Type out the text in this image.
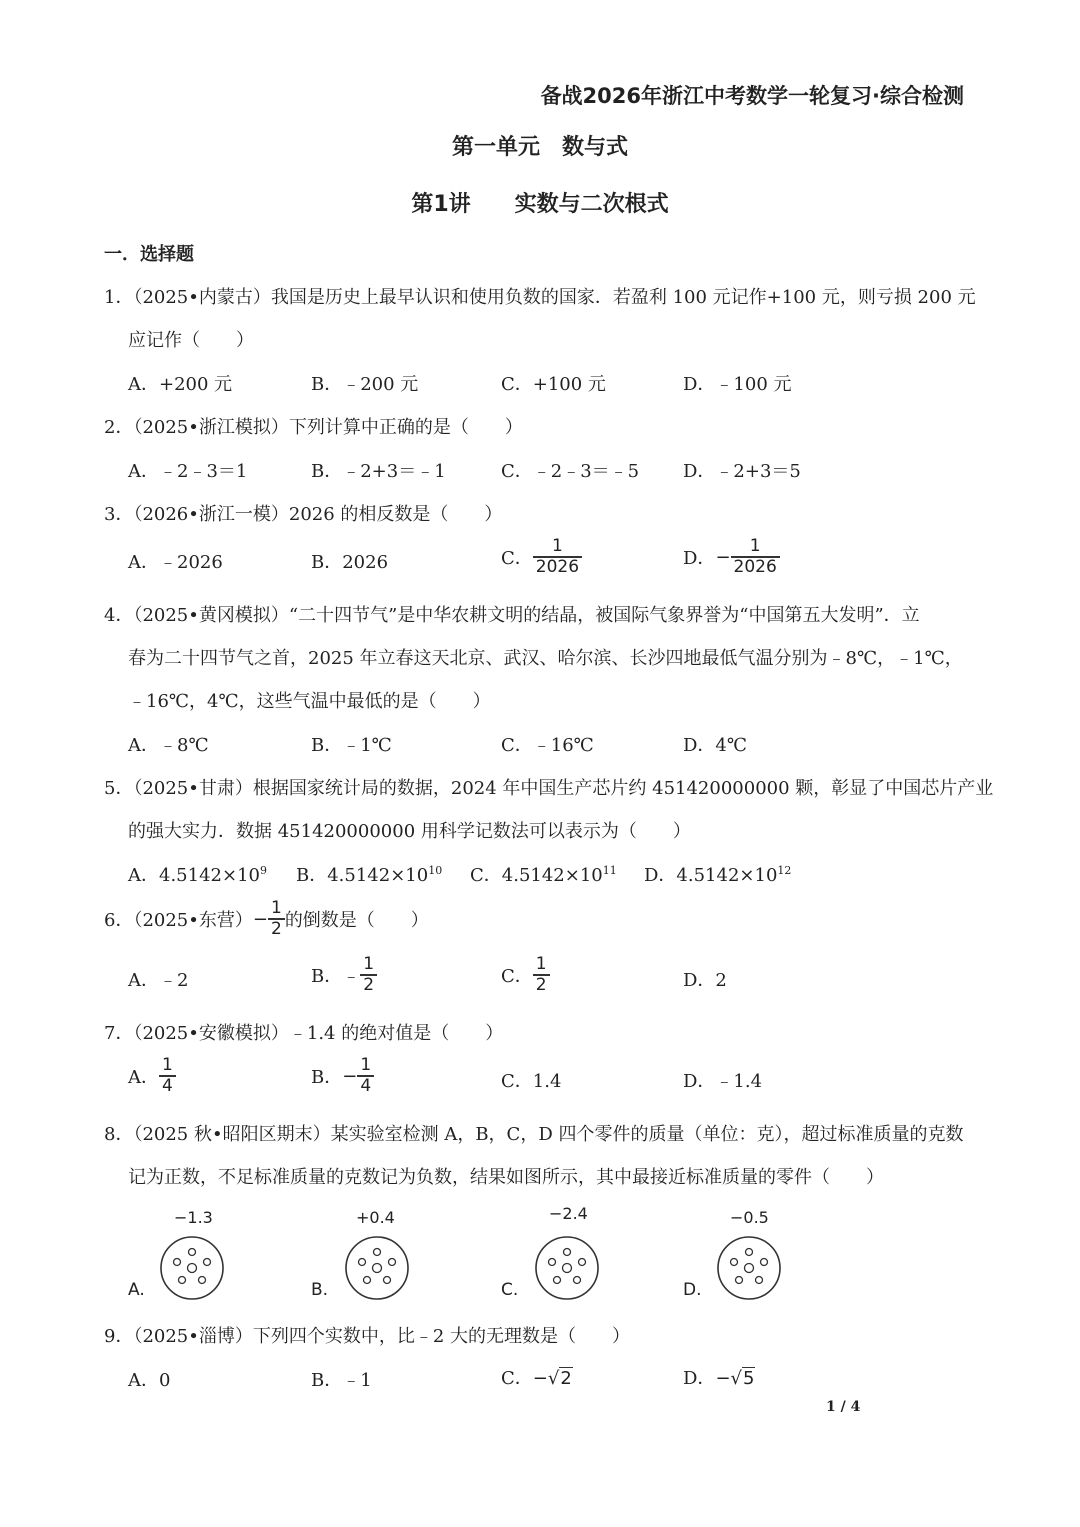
备战2026年浙江中考数学一轮复习·综合检测
第一单元　数与式
第1讲　　实数与二次根式
一．选择题
1．（2025•内蒙古）我国是历史上最早认识和使用负数的国家．若盈利 100 元记作+100 元，则亏损 200 元
应记作（　　）
A．+200 元	B．﹣200 元	C．+100 元	D．﹣100 元
2．（2025•浙江模拟）下列计算中正确的是（　　）
A．﹣2﹣3＝1	B．﹣2+3＝﹣1	C．﹣2﹣3＝﹣5 D．﹣2+3＝5
3．（2026•浙江一模）2026 的相反数是（　　）
A．﹣2026	B．2026	C． $\frac{1}{2026}$	D．− $\frac{1}{2026}$
4．（2025•黄冈模拟）“二十四节气”是中华农耕文明的结晶，被国际气象界誉为“中国第五大发明”．立
春为二十四节气之首，2025 年立春这天北京、武汉、哈尔滨、长沙四地最低气温分别为﹣8℃，﹣1℃，
﹣16℃，4℃，这些气温中最低的是（　　）
A．﹣8℃	B．﹣1℃	C．﹣16℃	D．4℃
5．（2025•甘肃）根据国家统计局的数据，2024 年中国生产芯片约 451420000000 颗，彰显了中国芯片产业
的强大实力．数据 451420000000 用科学记数法可以表示为（　　）
A．$4.5142\times 10^9$ B．$4.5142\times 10^{10}$ C．$4.5142\times 10^{11}$ D．$4.5142\times 10^{12}$
6．（2025•东营）− $\frac{1}{2}$ 的倒数是（　　）
A．﹣2	B．﹣ $\frac{1}{2}$	C． $\frac{1}{2}$	D．2
7．（2025•安徽模拟）﹣1.4 的绝对值是（　　）
A． $\frac{1}{4}$	B．− $\frac{1}{4}$	C．1.4	D．﹣1.4
8．（2025 秋•昭阳区期末）某实验室检测 A，B，C，D 四个零件的质量（单位：克），超过标准质量的克数
记为正数，不足标准质量的克数记为负数，结果如图所示，其中最接近标准质量的零件（　　）
−1.3
A.
+0.4
B.
−2.4
C.
−0.5
D.
9．（2025•淄博）下列四个实数中，比﹣2 大的无理数是（　　）
A．0	B．﹣1	C．−√2	D．−√5
1 / 4
